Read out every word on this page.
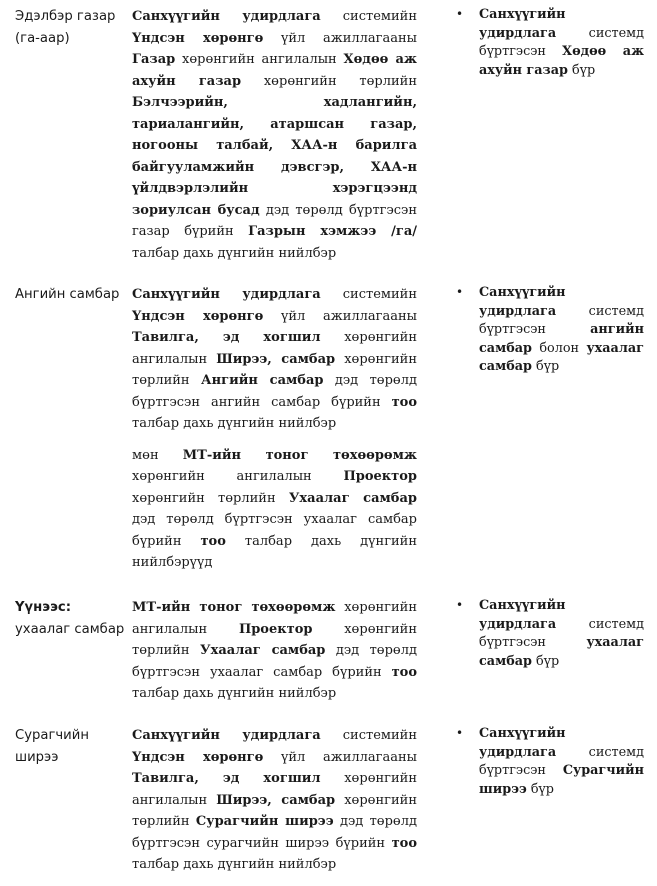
Эдэлбэр газар (га-аар)

Санхүүгийн удирдлага системийн Үндсэн хөрөнгө үйл ажиллагааны Газар хөрөнгийн ангилалын Хөдөө аж ахуйн газар хөрөнгийн төрлийн Бэлчээрийн, хадлангийн, тариалангийн, атаршсан газар, ногооны талбай, ХАА-н барилга байгууламжийн дэвсгэр, ХАА-н үйлдвэрлэлийн хэрэгцээнд зориулсан бусад дэд төрөлд бүртгэсэн газар бүрийн Газрын хэмжээ /га/ талбар дахь дүнгийн нийлбэр

• Санхүүгийн удирдлага системд бүртгэсэн Хөдөө аж ахуйн газар бүр
Ангийн самбар Санхүүгийн удирдлага системийн Үндсэн хөрөнгө үйл ажиллагааны Тавилга, эд хогшил хөрөнгийн ангилалын Ширээ, самбар хөрөнгийн төрлийн Ангийн самбар дэд төрөлд бүртгэсэн ангийн самбар бүрийн тоо талбар дахь дүнгийн нийлбэр

мөн МТ-ийн тоног төхөөрөмж хөрөнгийн ангилалын Проектор хөрөнгийн төрлийн Ухаалаг самбар дэд төрөлд бүртгэсэн ухаалаг самбар бүрийн тоо талбар дахь дүнгийн нийлбэрүүд

• Санхүүгийн удирдлага системд бүртгэсэн ангийн самбар болон ухаалаг самбар бүр
Үүнээс: ухаалаг самбар

МТ-ийн тоног төхөөрөмж хөрөнгийн ангилалын Проектор хөрөнгийн төрлийн Ухаалаг самбар дэд төрөлд бүртгэсэн ухаалаг самбар бүрийн тоо талбар дахь дүнгийн нийлбэр

• Санхүүгийн удирдлага системд бүртгэсэн ухаалаг самбар бүр
Сурагчийн ширээ

Санхүүгийн удирдлага системийн Үндсэн хөрөнгө үйл ажиллагааны Тавилга, эд хогшил хөрөнгийн ангилалын Ширээ, самбар хөрөнгийн төрлийн Сурагчийн ширээ дэд төрөлд бүртгэсэн сурагчийн ширээ бүрийн тоо талбар дахь дүнгийн нийлбэр

• Санхүүгийн удирдлага системд бүртгэсэн Сурагчийн ширээ бүр
